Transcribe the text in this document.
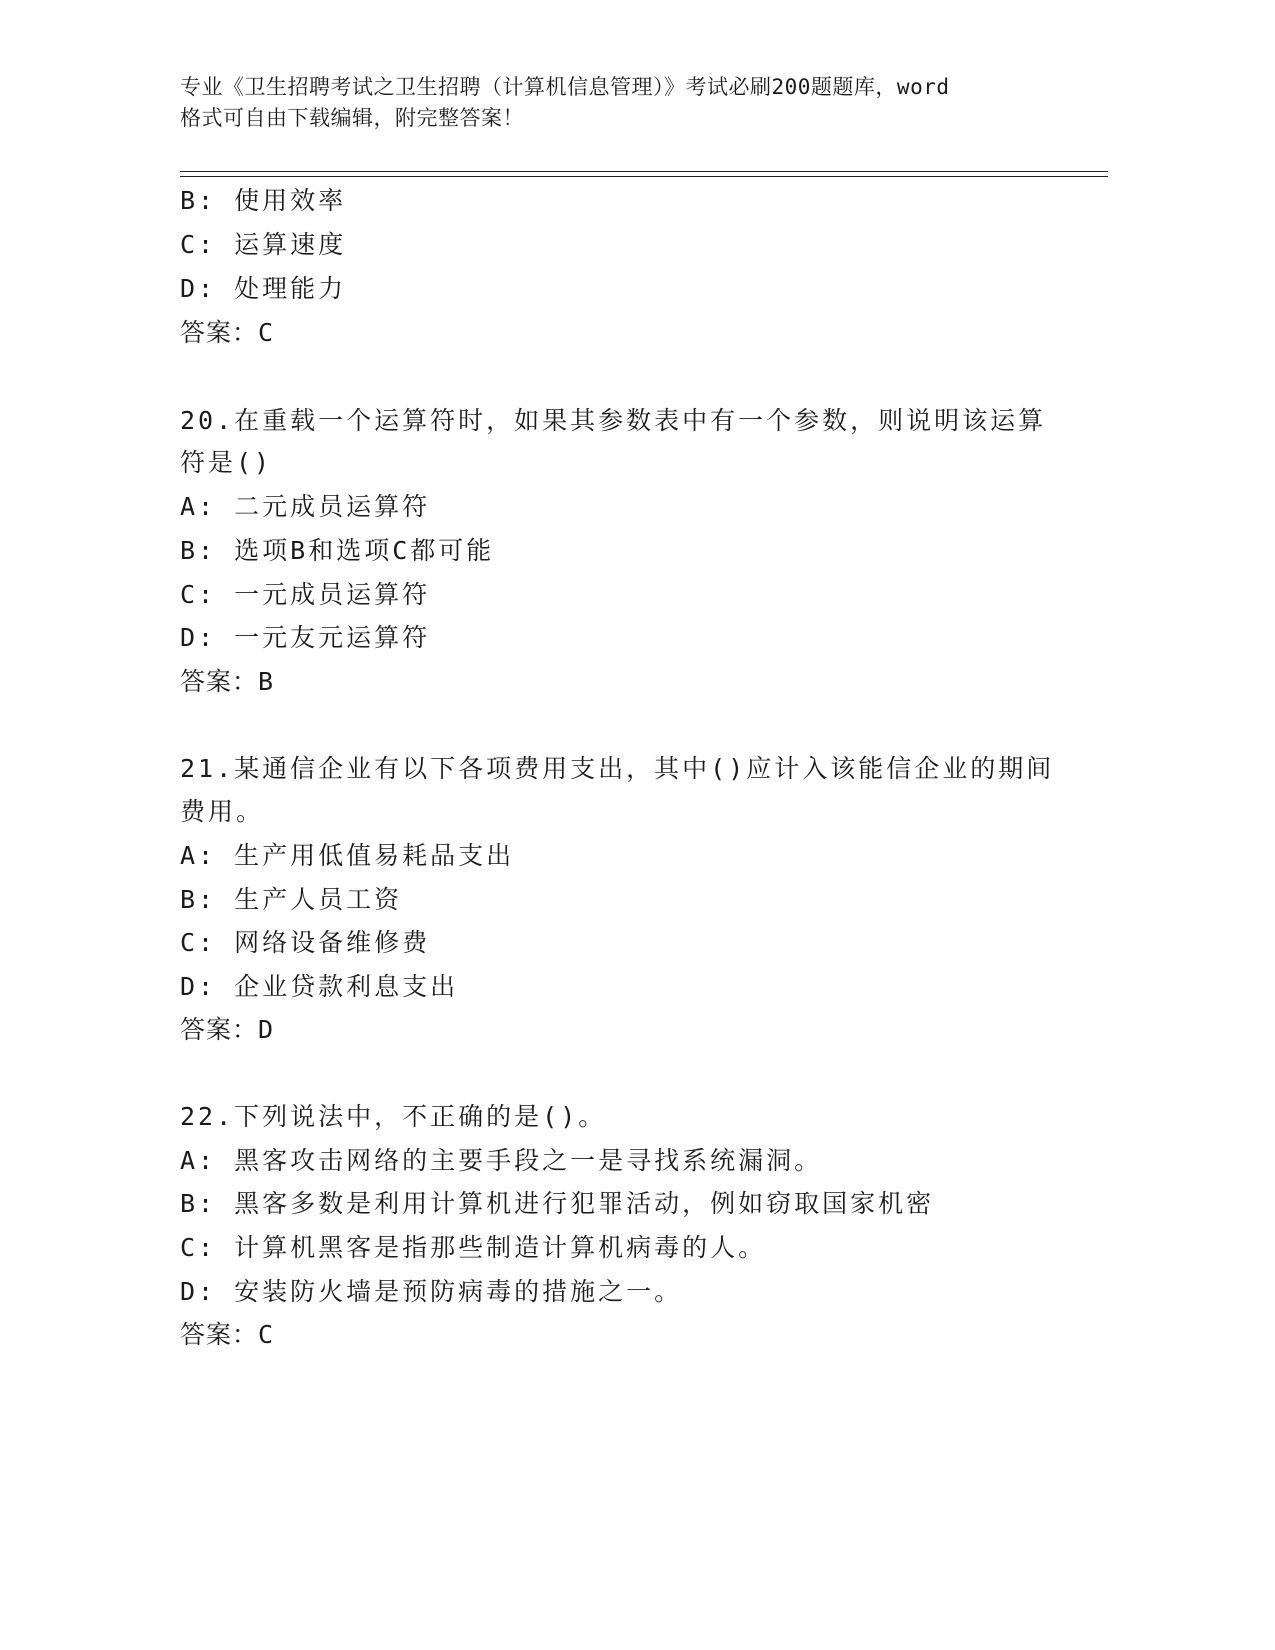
专业《卫生招聘考试之卫生招聘（计算机信息管理）》考试必刷200题题库，word
格式可自由下载编辑，附完整答案！
B: 使用效率
C: 运算速度
D: 处理能力
答案：C
20.在重载一个运算符时，如果其参数表中有一个参数，则说明该运算
符是()
A: 二元成员运算符
B: 选项B和选项C都可能
C: 一元成员运算符
D: 一元友元运算符
答案：B
21.某通信企业有以下各项费用支出，其中()应计入该能信企业的期间
费用。
A: 生产用低值易耗品支出
B: 生产人员工资
C: 网络设备维修费
D: 企业贷款利息支出
答案：D
22.下列说法中，不正确的是()。
A: 黑客攻击网络的主要手段之一是寻找系统漏洞。
B: 黑客多数是利用计算机进行犯罪活动，例如窃取国家机密
C: 计算机黑客是指那些制造计算机病毒的人。
D: 安装防火墙是预防病毒的措施之一。
答案：C
